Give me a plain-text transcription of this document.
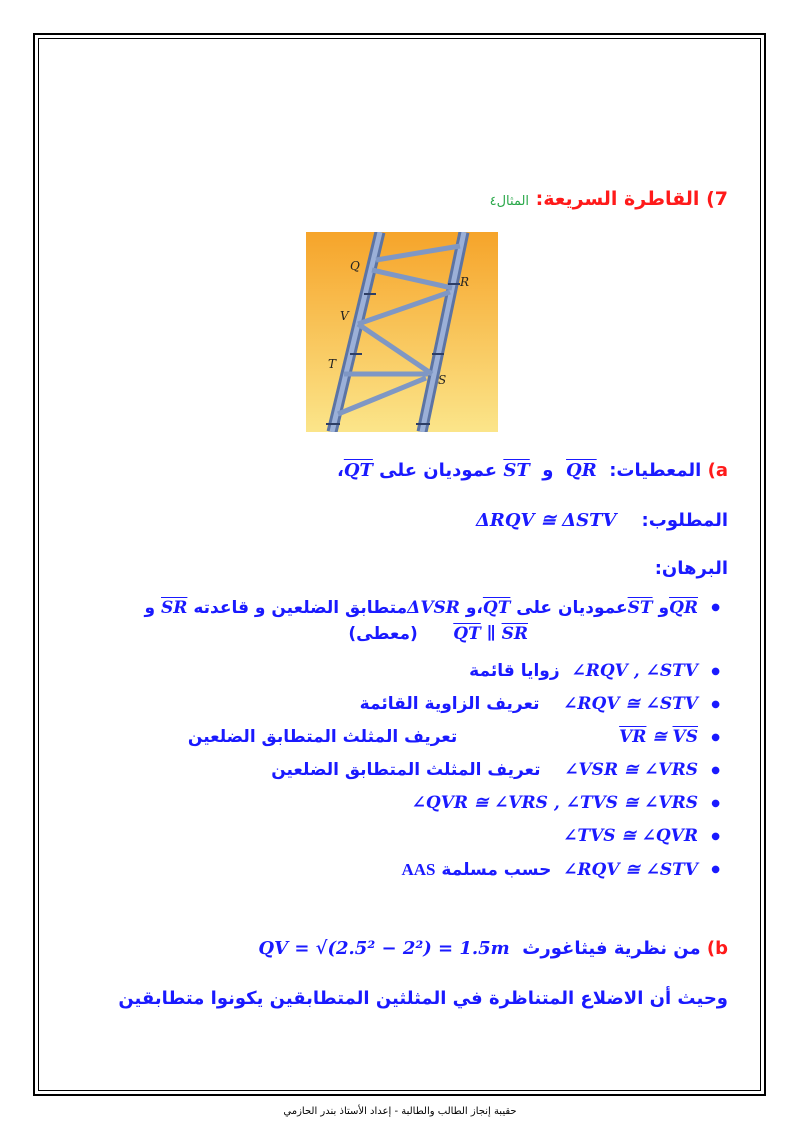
7) القاطرة السريعة: المثال٤
Q
R
V
T
S
a) المعطيات:  $\overline{QR}$  و  $\overline{ST}$ عموديان على $\overline{QT}،$
المطلوب:    ΔRQV ≅ ΔSTV
البرهان:
● $\overline{QR}و$ $\overline{ST}عموديان$ على $\overline{QT}،و$ ΔVSRمتطابق الضلعين و قاعدته $\overline{SR}$ و
$\overline{QT}$ ∥ $\overline{SR}$      (معطى)
● ∠RQV , ∠STV  زوايا قائمة
● ∠RQV ≅ ∠STV    تعريف الزاوية القائمة
● $\overline{VR}$ ≅ $\overline{VS}$  تعريف المثلث المتطابق الضلعين
● ∠VSR ≅ ∠VRS    تعريف المثلث المتطابق الضلعين
● ∠QVR ≅ ∠VRS , ∠TVS ≅ ∠VRS
● ∠TVS ≅ ∠QVR
● ∠RQV ≅ ∠STV  حسب مسلمة AAS
b) من نظرية فيثاغورث  QV = √(2.5² − 2²) = 1.5m
وحيث أن الاضلاع المتناظرة في المثلثين المتطابقين يكونوا متطابقين
حقيبة إنجاز الطالب والطالبة - إعداد الأستاذ بندر الحازمي
